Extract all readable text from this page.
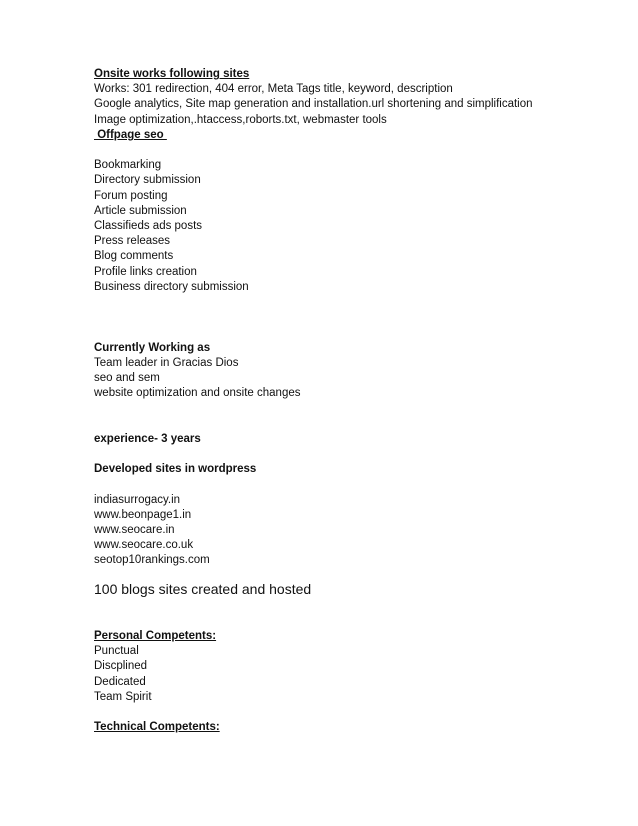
Onsite works following sites
Works: 301 redirection, 404 error, Meta Tags title, keyword, description
Google analytics, Site map generation and installation.url shortening and simplification
Image optimization,.htaccess,roborts.txt, webmaster tools
Offpage seo
Bookmarking
Directory submission
Forum posting
Article submission
Classifieds ads posts
Press releases
Blog comments
Profile links creation
Business directory submission
Currently Working as
Team leader in Gracias Dios
seo and sem
website optimization and onsite changes
experience- 3 years
Developed sites in wordpress
indiasurrogacy.in
www.beonpage1.in
www.seocare.in
www.seocare.co.uk
seotop10rankings.com
100 blogs sites created and hosted
Personal Competents:
Punctual
Discplined
Dedicated
Team Spirit
Technical Competents:
